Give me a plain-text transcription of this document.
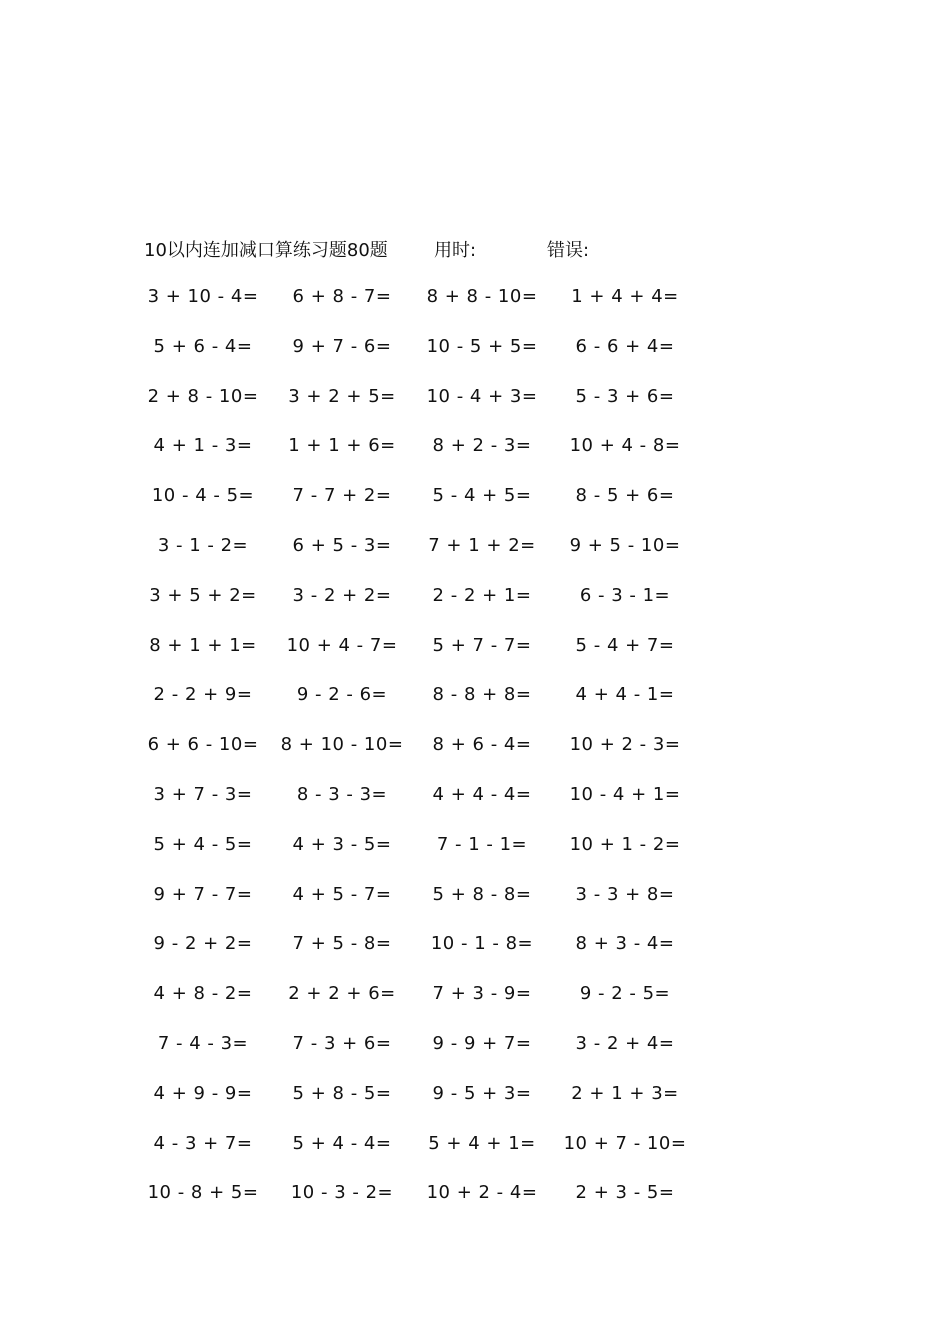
10以内连加减口算练习题80题	用时:	错误:
3 + 10 - 4=	6 + 8 - 7=	8 + 8 - 10=	1 + 4 + 4=
5 + 6 - 4=	9 + 7 - 6=	10 - 5 + 5=	6 - 6 + 4=
2 + 8 - 10=	3 + 2 + 5=	10 - 4 + 3=	5 - 3 + 6=
4 + 1 - 3=	1 + 1 + 6=	8 + 2 - 3=	10 + 4 - 8=
10 - 4 - 5=	7 - 7 + 2=	5 - 4 + 5=	8 - 5 + 6=
3 - 1 - 2=	6 + 5 - 3=	7 + 1 + 2=	9 + 5 - 10=
3 + 5 + 2=	3 - 2 + 2=	2 - 2 + 1=	6 - 3 - 1=
8 + 1 + 1=	10 + 4 - 7=	5 + 7 - 7=	5 - 4 + 7=
2 - 2 + 9=	9 - 2 - 6=	8 - 8 + 8=	4 + 4 - 1=
6 + 6 - 10=	8 + 10 - 10=	8 + 6 - 4=	10 + 2 - 3=
3 + 7 - 3=	8 - 3 - 3=	4 + 4 - 4=	10 - 4 + 1=
5 + 4 - 5=	4 + 3 - 5=	7 - 1 - 1=	10 + 1 - 2=
9 + 7 - 7=	4 + 5 - 7=	5 + 8 - 8=	3 - 3 + 8=
9 - 2 + 2=	7 + 5 - 8=	10 - 1 - 8=	8 + 3 - 4=
4 + 8 - 2=	2 + 2 + 6=	7 + 3 - 9=	9 - 2 - 5=
7 - 4 - 3=	7 - 3 + 6=	9 - 9 + 7=	3 - 2 + 4=
4 + 9 - 9=	5 + 8 - 5=	9 - 5 + 3=	2 + 1 + 3=
4 - 3 + 7=	5 + 4 - 4=	5 + 4 + 1=	10 + 7 - 10=
10 - 8 + 5=	10 - 3 - 2=	10 + 2 - 4=	2 + 3 - 5=
